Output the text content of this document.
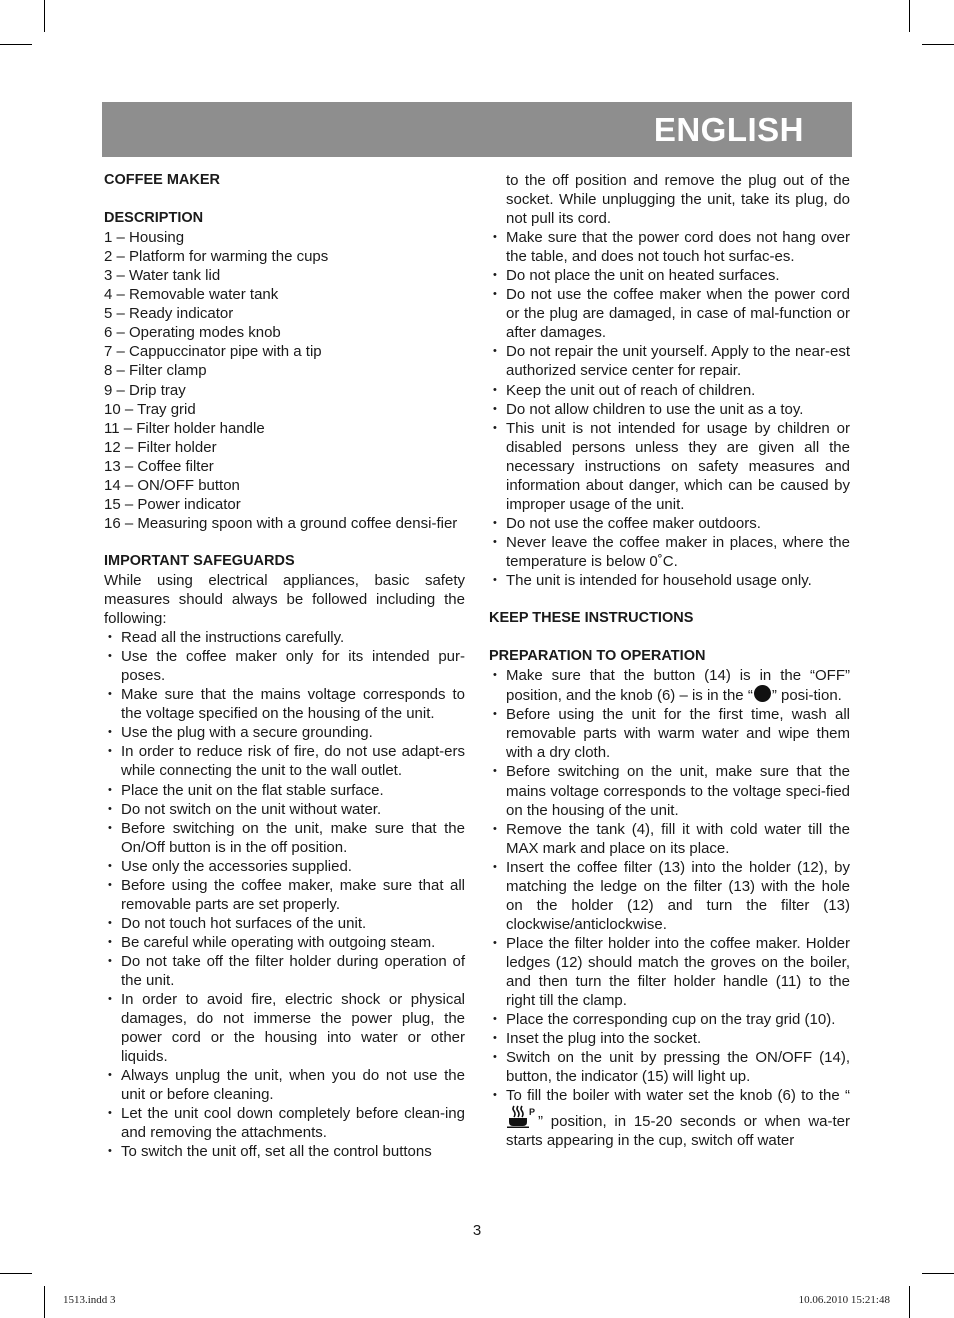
ENGLISH

COFFEE MAKER

DESCRIPTION

1 – Housing
2 – Platform for warming the cups
3 – Water tank lid
4 – Removable water tank
5 – Ready indicator
6 – Operating modes knob
7 – Cappuccinator pipe with a tip
8 – Filter clamp
9 – Drip tray
10 – Tray grid
11 – Filter holder handle
12 – Filter holder
13 – Coffee filter
14 – ON/OFF button
15 – Power indicator
16 – Measuring spoon with a ground coffee densi-fier

IMPORTANT SAFEGUARDS

While using electrical appliances, basic safety measures should always be followed including the following:

• Read all the instructions carefully.
• Use the coffee maker only for its intended pur-poses.
• Make sure that the mains voltage corresponds to the voltage specified on the housing of the unit.
• Use the plug with a secure grounding.
• In order to reduce risk of fire, do not use adapt-ers while connecting the unit to the wall outlet.
• Place the unit on the flat stable surface.
• Do not switch on the unit without water.
• Before switching on the unit, make sure that the On/Off button is in the off position.
• Use only the accessories supplied.
• Before using the coffee maker, make sure that all removable parts are set properly.
• Do not touch hot surfaces of the unit.
• Be careful while operating with outgoing steam.
• Do not take off the filter holder during operation of the unit.
• In order to avoid fire, electric shock or physical damages, do not immerse the power plug, the power cord or the housing into water or other liquids.
• Always unplug the unit, when you do not use the unit or before cleaning.
• Let the unit cool down completely before clean-ing and removing the attachments.
• To switch the unit off, set all the control buttons
to the off position and remove the plug out of the socket. While unplugging the unit, take its plug, do not pull its cord.
• Make sure that the power cord does not hang over the table, and does not touch hot surfac-es.
• Do not place the unit on heated surfaces.
• Do not use the coffee maker when the power cord or the plug are damaged, in case of mal-function or after damages.
• Do not repair the unit yourself. Apply to the near-est authorized service center for repair.
• Keep the unit out of reach of children.
• Do not allow children to use the unit as a toy.
• This unit is not intended for usage by children or disabled persons unless they are given all the necessary instructions on safety measures and information about danger, which can be caused by improper usage of the unit.
• Do not use the coffee maker outdoors.
• Never leave the coffee maker in places, where the temperature is below 0˚C.
• The unit is intended for household usage only.

KEEP THESE INSTRUCTIONS

PREPARATION TO OPERATION

• Make sure that the button (14) is in the “OFF” position, and the knob (6) – is in the “ ” posi-tion.
• Before using the unit for the first time, wash all removable parts with warm water and wipe them with a dry cloth.
• Before switching on the unit, make sure that the mains voltage corresponds to the voltage speci-fied on the housing of the unit.
• Remove the tank (4), fill it with cold water till the MAX mark and place on its place.
• Insert the coffee filter (13) into the holder (12), by matching the ledge on the filter (13) with the hole on the holder (12) and turn the filter (13) clockwise/anticlockwise.
• Place the filter holder into the coffee maker. Holder ledges (12) should match the groves on the boiler, and then turn the filter holder handle (11) to the right till the clamp.
• Place the corresponding cup on the tray grid (10).
• Inset the plug into the socket.
• Switch on the unit by pressing the ON/OFF (14), button, the indicator (15) will light up.
• To fill the boiler with water set the knob (6) to the “
P
” position, in 15-20 seconds or when wa-ter starts appearing in the cup, switch off water
3
1513.indd 3	10.06.2010 15:21:48
